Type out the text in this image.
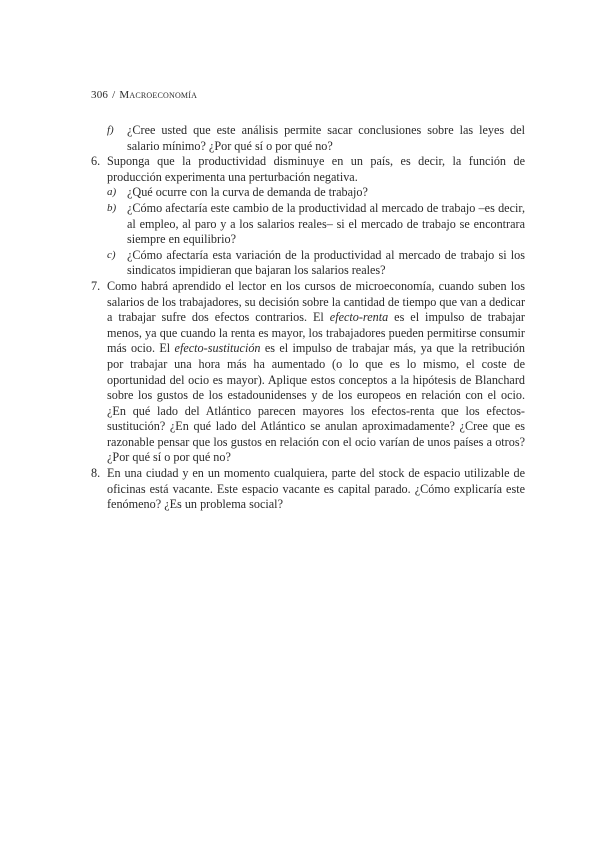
306 / Macroeconomía
f)	¿Cree usted que este análisis permite sacar conclusiones sobre las leyes del salario mínimo? ¿Por qué sí o por qué no?
6. Suponga que la productividad disminuye en un país, es decir, la función de producción experimenta una perturbación negativa.
a) ¿Qué ocurre con la curva de demanda de trabajo?
b) ¿Cómo afectaría este cambio de la productividad al mercado de trabajo –es decir, al empleo, al paro y a los salarios reales– si el mercado de trabajo se encontrara siempre en equilibrio?
c) ¿Cómo afectaría esta variación de la productividad al mercado de trabajo si los sindicatos impidieran que bajaran los salarios reales?
7. Como habrá aprendido el lector en los cursos de microeconomía, cuando suben los salarios de los trabajadores, su decisión sobre la cantidad de tiempo que van a dedicar a trabajar sufre dos efectos contrarios. El efecto-renta es el impulso de trabajar menos, ya que cuando la renta es mayor, los trabajadores pueden permitirse consumir más ocio. El efecto-sustitución es el impulso de trabajar más, ya que la retribución por trabajar una hora más ha aumentado (o lo que es lo mismo, el coste de oportunidad del ocio es mayor). Aplique estos conceptos a la hipótesis de Blanchard sobre los gustos de los estadounidenses y de los europeos en relación con el ocio. ¿En qué lado del Atlántico parecen mayores los efectos-renta que los efectos-sustitución? ¿En qué lado del Atlántico se anulan aproximadamente? ¿Cree que es razonable pensar que los gustos en relación con el ocio varían de unos países a otros? ¿Por qué sí o por qué no?
8. En una ciudad y en un momento cualquiera, parte del stock de espacio utilizable de oficinas está vacante. Este espacio vacante es capital parado. ¿Cómo explicaría este fenómeno? ¿Es un problema social?
